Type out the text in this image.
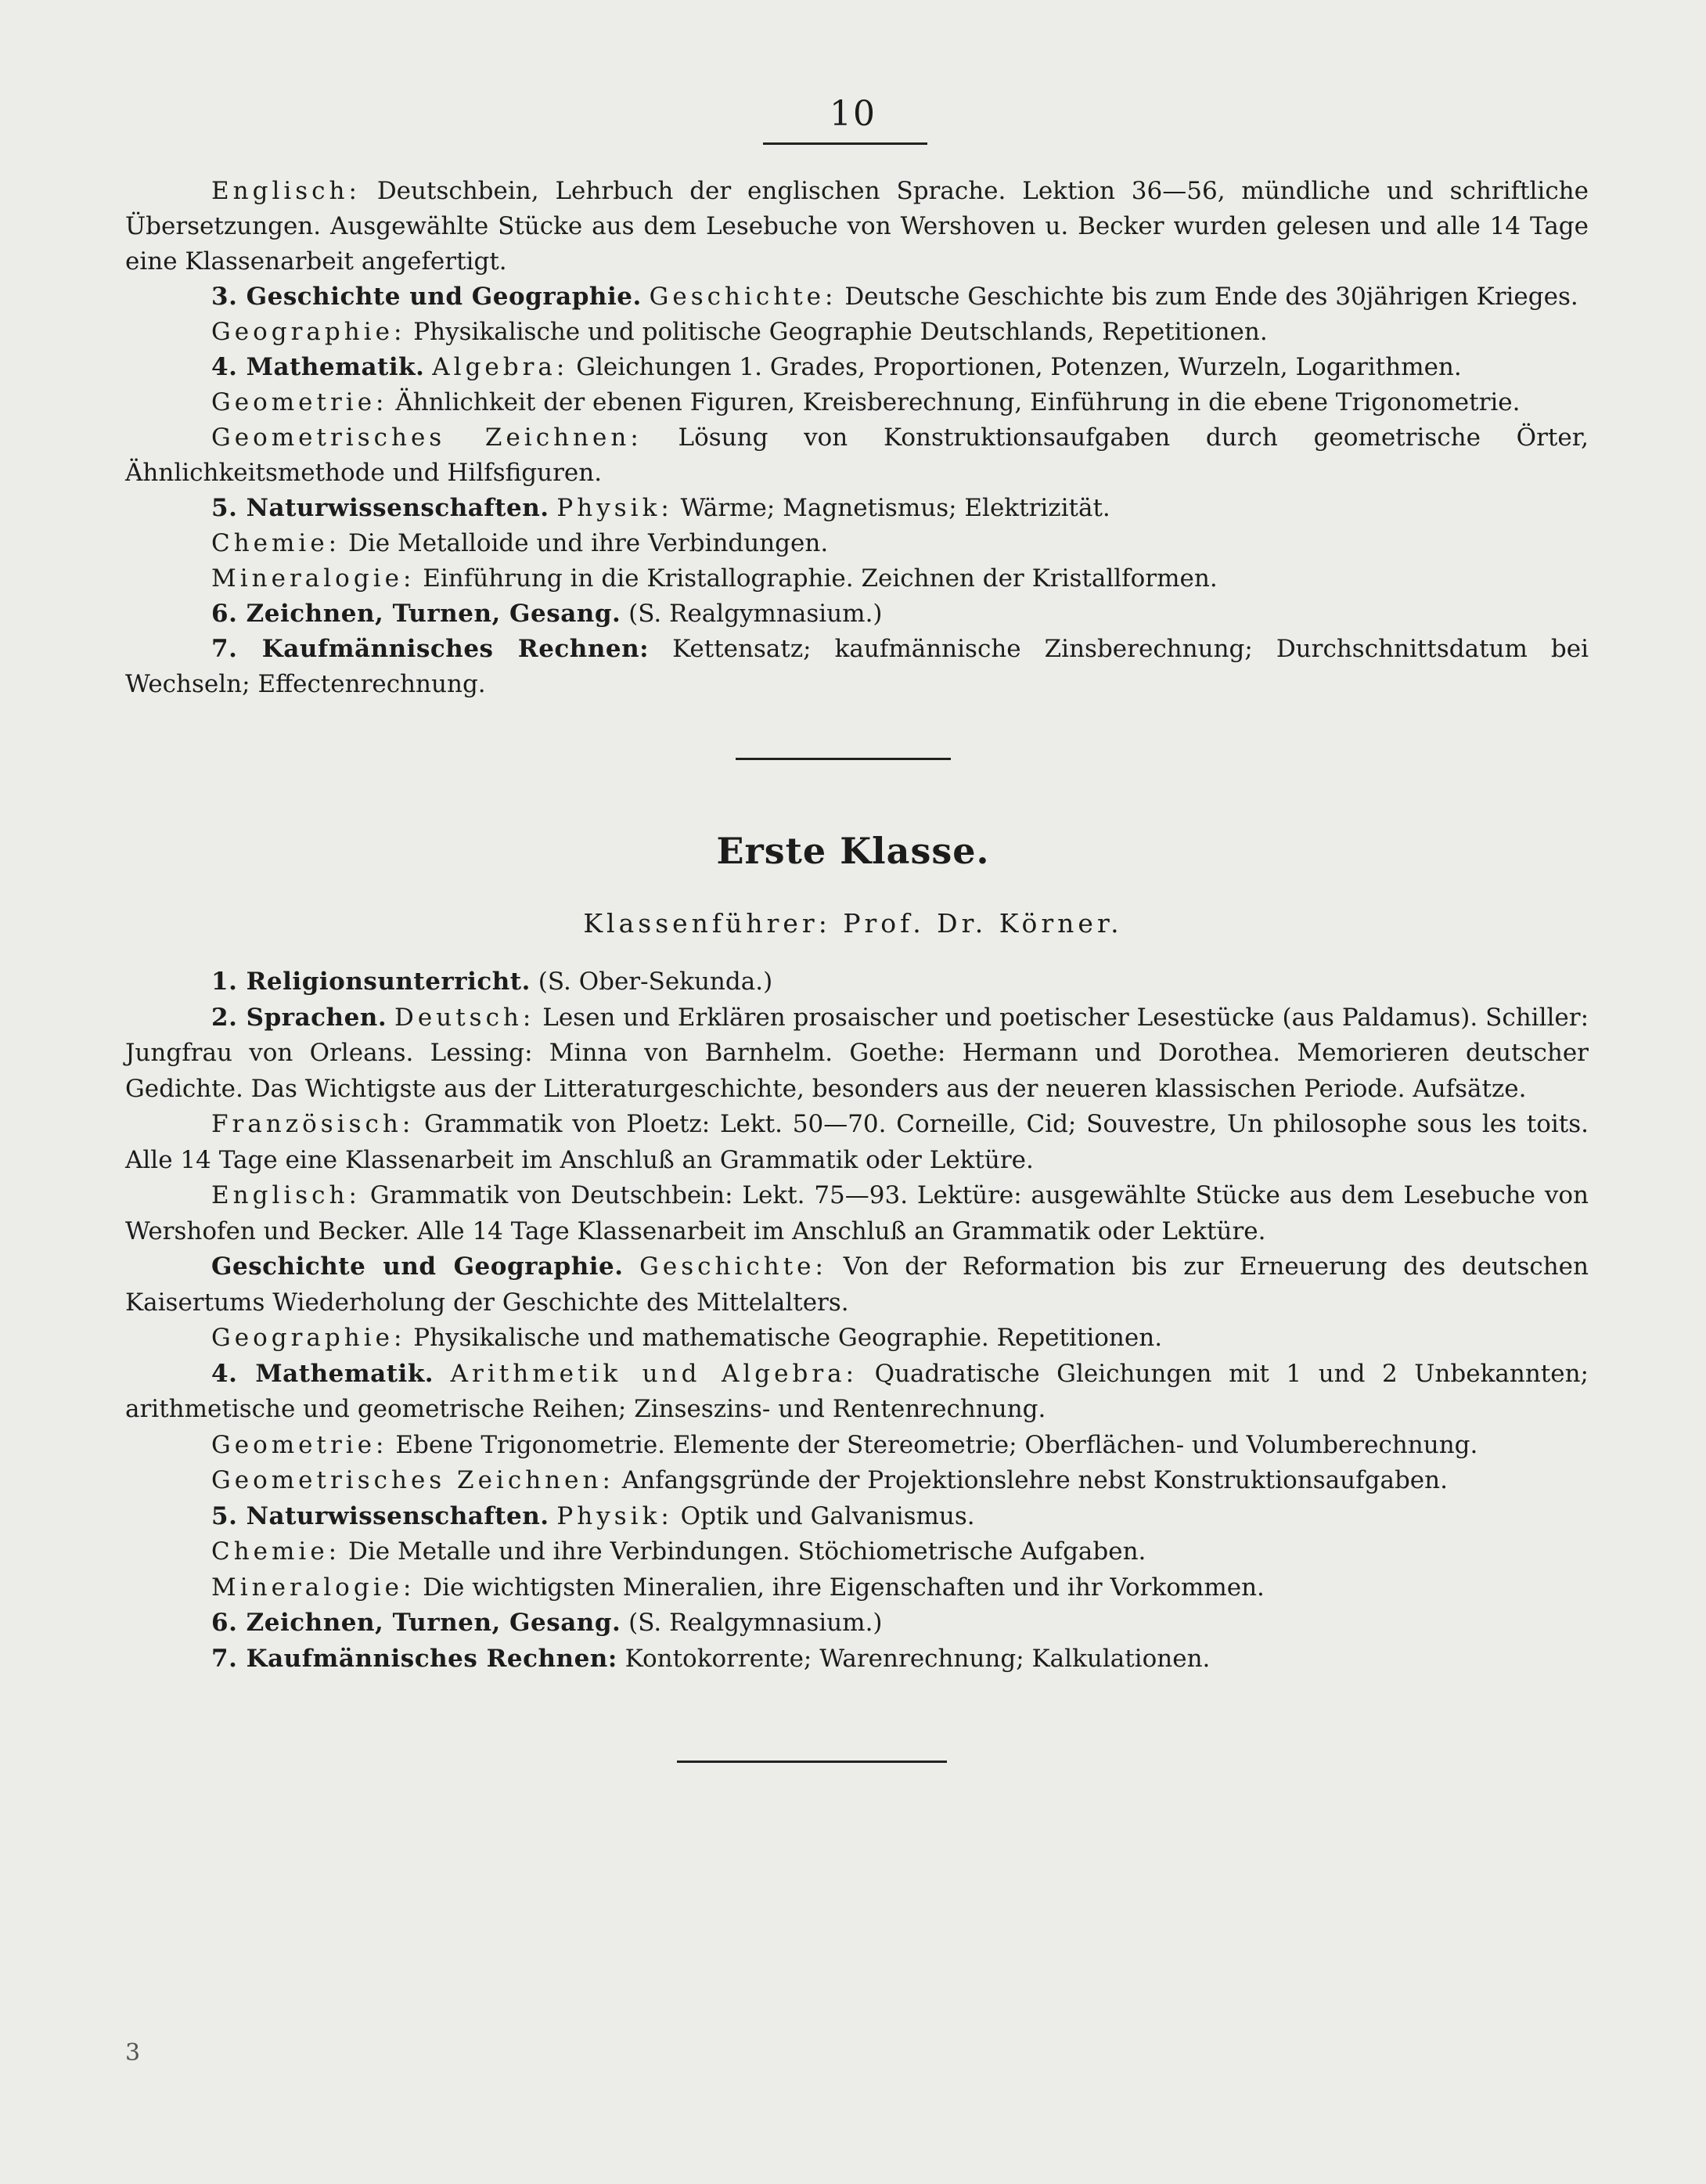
10

Englisch: Deutschbein, Lehrbuch der englischen Sprache. Lektion 36—56, mündliche und schriftliche Übersetzungen. Ausgewählte Stücke aus dem Lesebuche von Wershoven u. Becker wurden gelesen und alle 14 Tage eine Klassenarbeit angefertigt.

3. Geschichte und Geographie. Geschichte: Deutsche Geschichte bis zum Ende des 30jährigen Krieges.

Geographie: Physikalische und politische Geographie Deutschlands, Repetitionen.

4. Mathematik. Algebra: Gleichungen 1. Grades, Proportionen, Potenzen, Wurzeln, Logarithmen.

Geometrie: Ähnlichkeit der ebenen Figuren, Kreisberechnung, Einführung in die ebene Trigonometrie.

Geometrisches Zeichnen: Lösung von Konstruktionsaufgaben durch geometrische Örter, Ähnlichkeitsmethode und Hilfsfiguren.

5. Naturwissenschaften. Physik: Wärme; Magnetismus; Elektrizität.

Chemie: Die Metalloide und ihre Verbindungen.

Mineralogie: Einführung in die Kristallographie. Zeichnen der Kristallformen.

6. Zeichnen, Turnen, Gesang. (S. Realgymnasium.)

7. Kaufmännisches Rechnen: Kettensatz; kaufmännische Zinsberechnung; Durchschnittsdatum bei Wechseln; Effectenrechnung.

Erste Klasse.
Klassenführer: Prof. Dr. Körner.

1. Religionsunterricht. (S. Ober-Sekunda.)

2. Sprachen. Deutsch: Lesen und Erklären prosaischer und poetischer Lesestücke (aus Paldamus). Schiller: Jungfrau von Orleans. Lessing: Minna von Barnhelm. Goethe: Hermann und Dorothea. Memorieren deutscher Gedichte. Das Wichtigste aus der Litteraturgeschichte, besonders aus der neueren klassischen Periode. Aufsätze.

Französisch: Grammatik von Ploetz: Lekt. 50—70. Corneille, Cid; Souvestre, Un philosophe sous les toits. Alle 14 Tage eine Klassenarbeit im Anschluß an Grammatik oder Lektüre.

Englisch: Grammatik von Deutschbein: Lekt. 75—93. Lektüre: ausgewählte Stücke aus dem Lesebuche von Wershofen und Becker. Alle 14 Tage Klassenarbeit im Anschluß an Grammatik oder Lektüre.

Geschichte und Geographie. Geschichte: Von der Reformation bis zur Erneuerung des deutschen Kaisertums Wiederholung der Geschichte des Mittelalters.

Geographie: Physikalische und mathematische Geographie. Repetitionen.

4. Mathematik. Arithmetik und Algebra: Quadratische Gleichungen mit 1 und 2 Unbekannten; arithmetische und geometrische Reihen; Zinseszins- und Rentenrechnung.

Geometrie: Ebene Trigonometrie. Elemente der Stereometrie; Oberflächen- und Volumberechnung.

Geometrisches Zeichnen: Anfangsgründe der Projektionslehre nebst Konstruktionsaufgaben.

5. Naturwissenschaften. Physik: Optik und Galvanismus.

Chemie: Die Metalle und ihre Verbindungen. Stöchiometrische Aufgaben.

Mineralogie: Die wichtigsten Mineralien, ihre Eigenschaften und ihr Vorkommen.

6. Zeichnen, Turnen, Gesang. (S. Realgymnasium.)

7. Kaufmännisches Rechnen: Kontokorrente; Warenrechnung; Kalkulationen.

3
